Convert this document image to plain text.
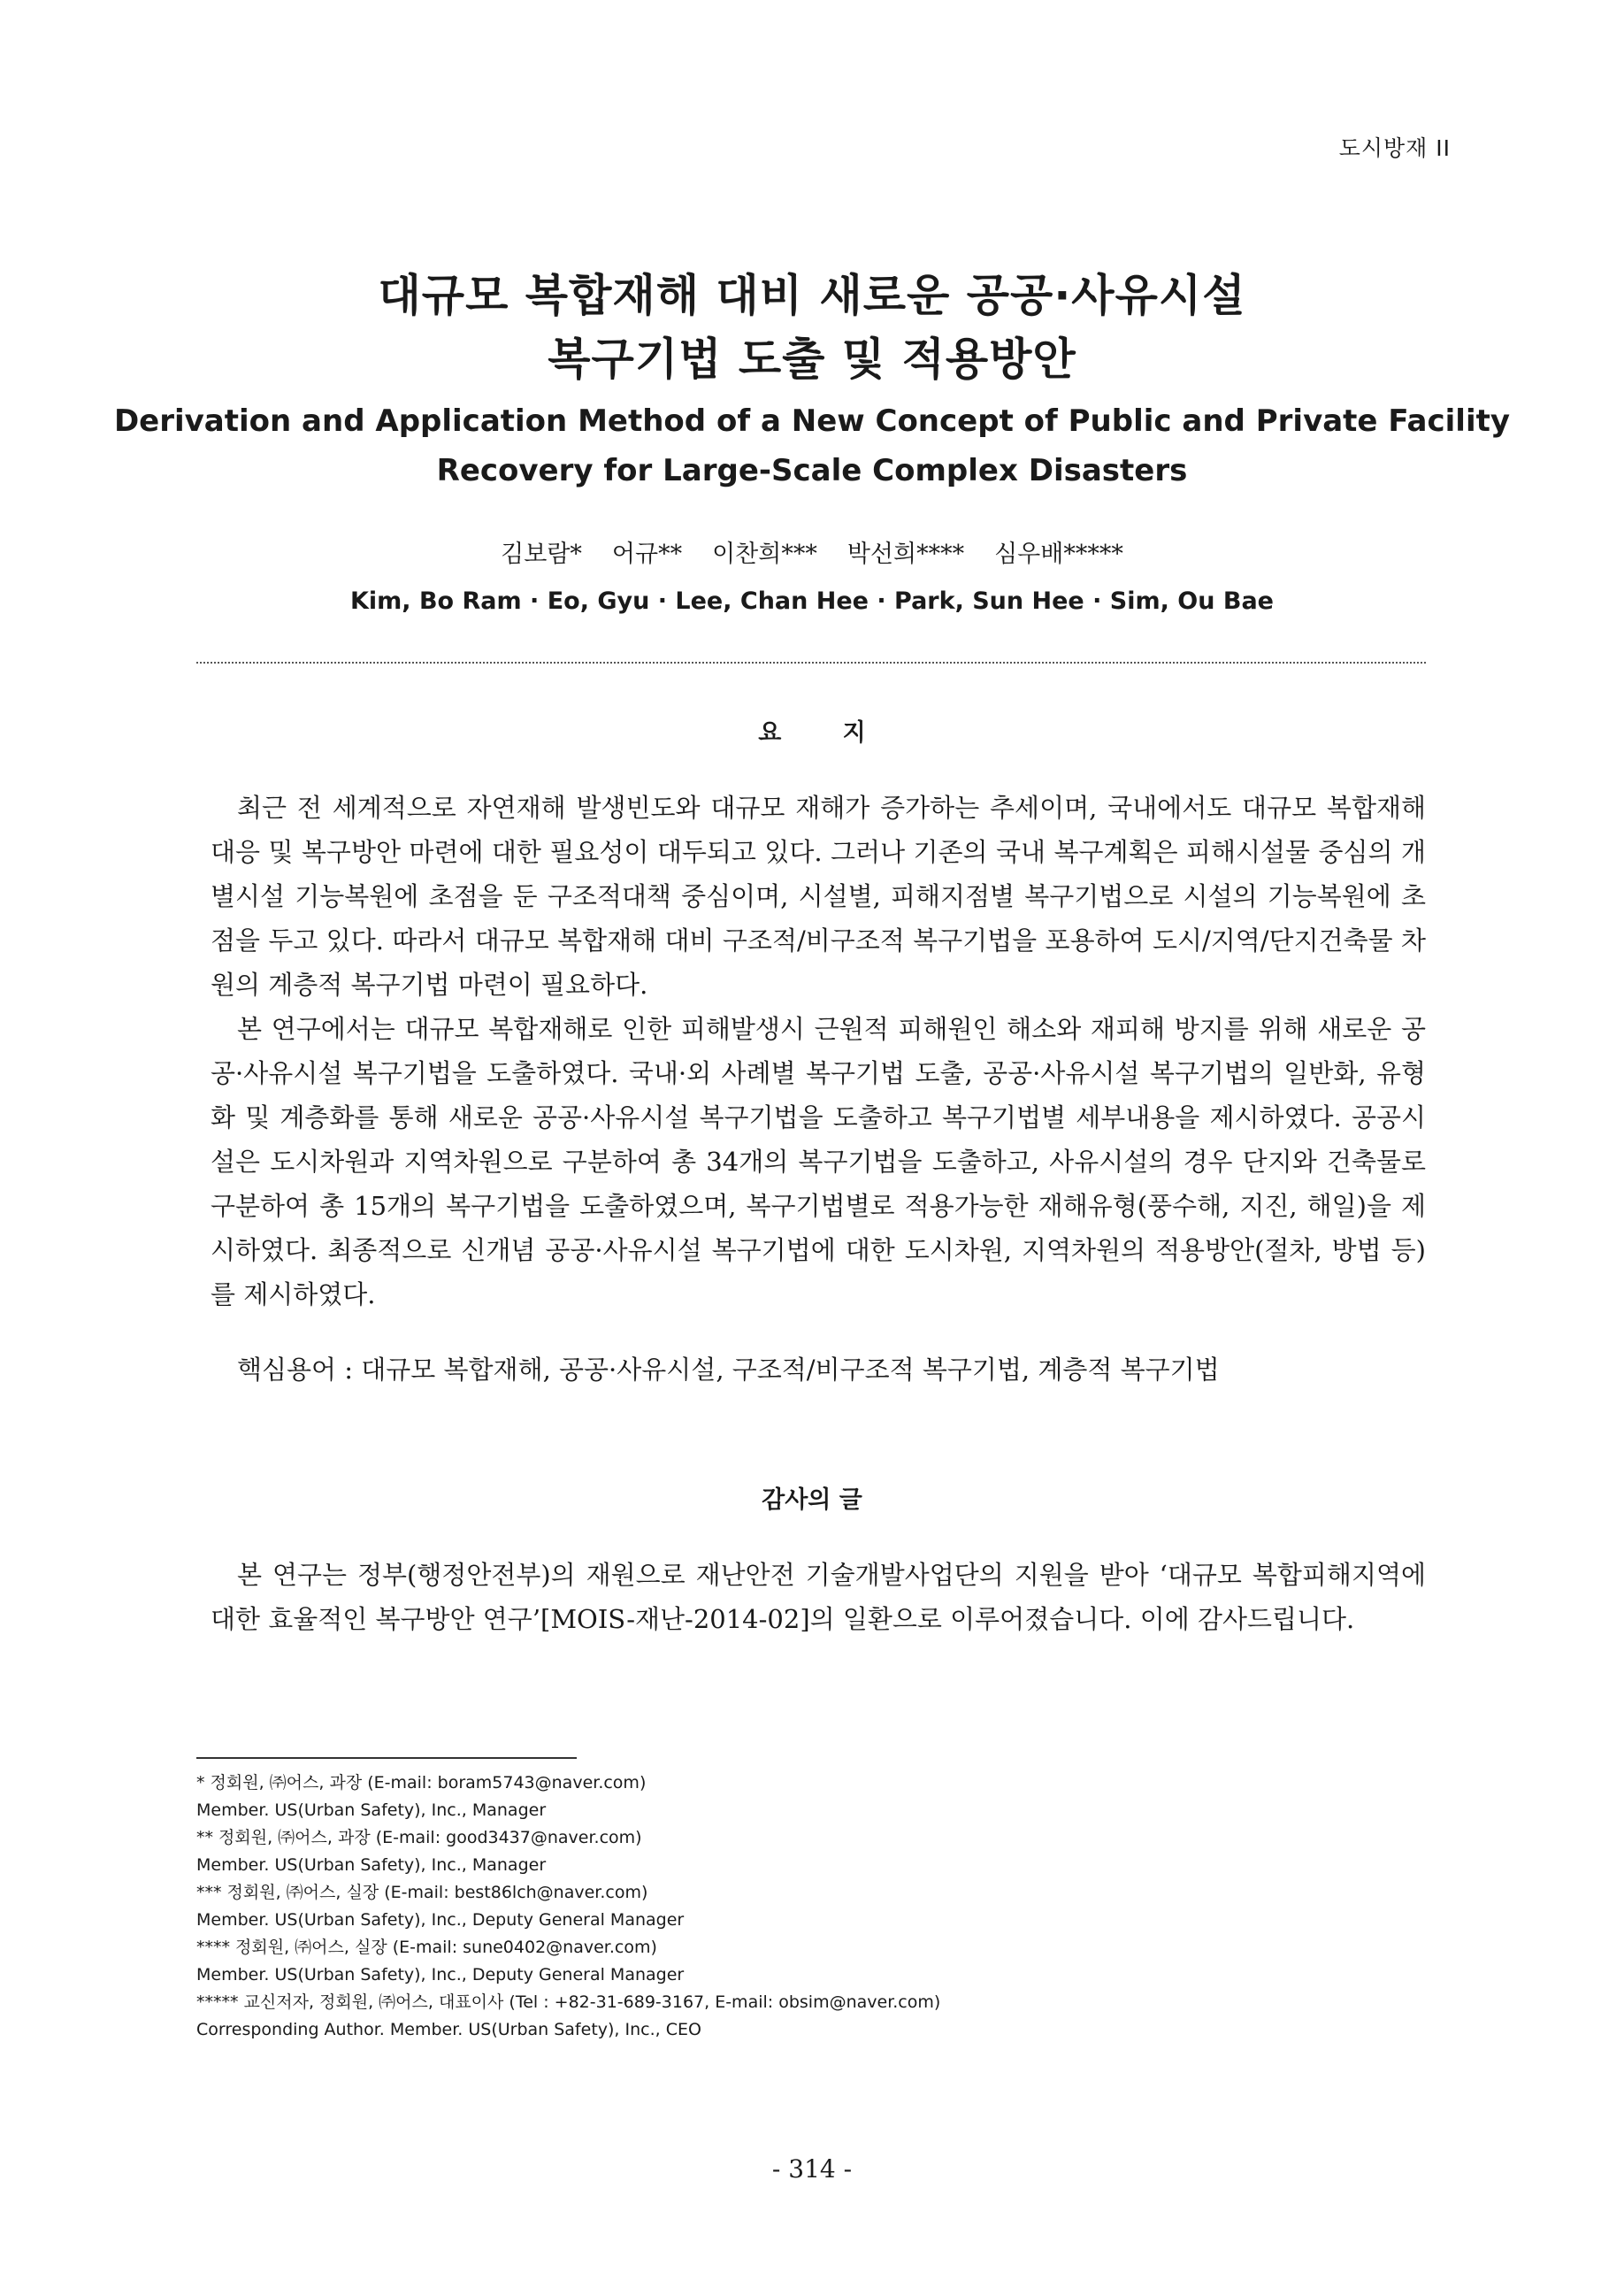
도시방재 II

대규모 복합재해 대비 새로운 공공·사유시설

복구기법 도출 및 적용방안

Derivation and Application Method of a New Concept of Public and Private Facility

Recovery for Large-Scale Complex Disasters

김보람* 어규** 이찬희*** 박선희**** 심우배*****
Kim, Bo Ram · Eo, Gyu · Lee, Chan Hee · Park, Sun Hee · Sim, Ou Bae
요 지

최근 전 세계적으로 자연재해 발생빈도와 대규모 재해가 증가하는 추세이며, 국내에서도 대규모 복합재해 대응 및 복구방안 마련에 대한 필요성이 대두되고 있다. 그러나 기존의 국내 복구계획은 피해시설물 중심의 개별시설 기능복원에 초점을 둔 구조적대책 중심이며, 시설별, 피해지점별 복구기법으로 시설의 기능복원에 초점을 두고 있다. 따라서 대규모 복합재해 대비 구조적/비구조적 복구기법을 포용하여 도시/지역/단지건축물 차원의 계층적 복구기법 마련이 필요하다.

본 연구에서는 대규모 복합재해로 인한 피해발생시 근원적 피해원인 해소와 재피해 방지를 위해 새로운 공공·사유시설 복구기법을 도출하였다. 국내·외 사례별 복구기법 도출, 공공·사유시설 복구기법의 일반화, 유형화 및 계층화를 통해 새로운 공공·사유시설 복구기법을 도출하고 복구기법별 세부내용을 제시하였다. 공공시설은 도시차원과 지역차원으로 구분하여 총 34개의 복구기법을 도출하고, 사유시설의 경우 단지와 건축물로 구분하여 총 15개의 복구기법을 도출하였으며, 복구기법별로 적용가능한 재해유형(풍수해, 지진, 해일)을 제시하였다. 최종적으로 신개념 공공·사유시설 복구기법에 대한 도시차원, 지역차원의 적용방안(절차, 방법 등)를 제시하였다.

핵심용어 : 대규모 복합재해, 공공·사유시설, 구조적/비구조적 복구기법, 계층적 복구기법
감사의 글

본 연구는 정부(행정안전부)의 재원으로 재난안전 기술개발사업단의 지원을 받아 ‘대규모 복합피해지역에 대한 효율적인 복구방안 연구’[MOIS-재난-2014-02]의 일환으로 이루어졌습니다. 이에 감사드립니다.

* 정회원, ㈜어스, 과장 (E-mail: boram5743@naver.com)

Member. US(Urban Safety), Inc., Manager

** 정회원, ㈜어스, 과장 (E-mail: good3437@naver.com)

Member. US(Urban Safety), Inc., Manager

*** 정회원, ㈜어스, 실장 (E-mail: best86lch@naver.com)

Member. US(Urban Safety), Inc., Deputy General Manager

**** 정회원, ㈜어스, 실장 (E-mail: sune0402@naver.com)

Member. US(Urban Safety), Inc., Deputy General Manager

***** 교신저자, 정회원, ㈜어스, 대표이사 (Tel : +82-31-689-3167, E-mail: obsim@naver.com)

Corresponding Author. Member. US(Urban Safety), Inc., CEO

- 314 -
